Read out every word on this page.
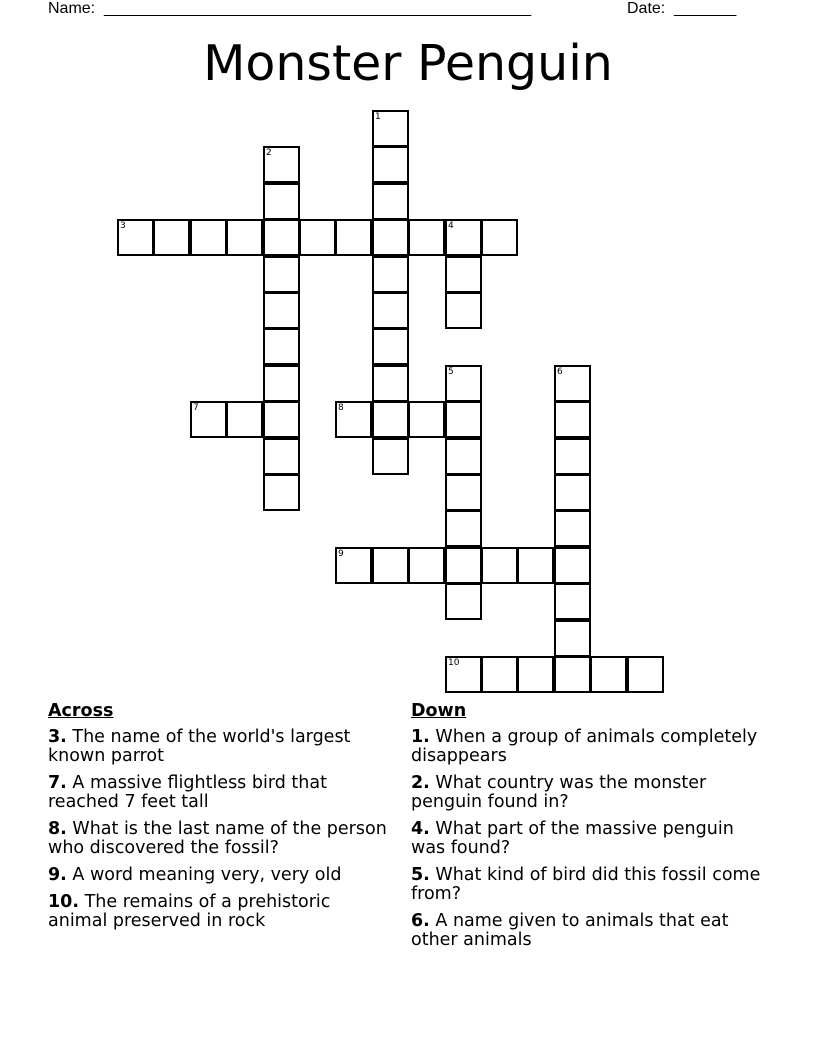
Name: ________________________________________________	Date: _______
Monster Penguin
1
2
3	4
5	6
7	8
9
10
Across
3. The name of the world's largest known parrot
7. A massive flightless bird that reached 7 feet tall
8. What is the last name of the person who discovered the fossil?
9. A word meaning very, very old
10. The remains of a prehistoric animal preserved in rock
Down
1. When a group of animals completely disappears
2. What country was the monster penguin found in?
4. What part of the massive penguin was found?
5. What kind of bird did this fossil come from?
6. A name given to animals that eat other animals
